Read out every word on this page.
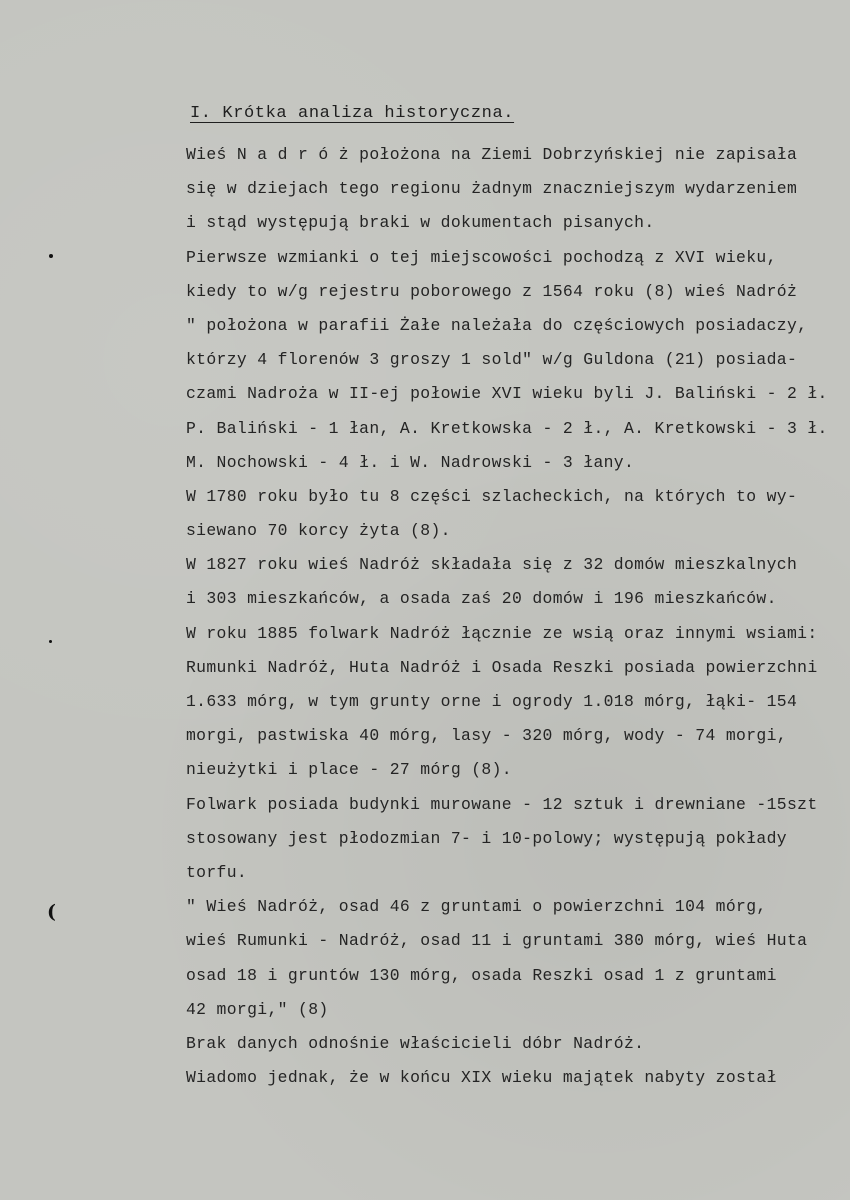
I. Krótka analiza historyczna.
Wieś N a d r ó ż położona na Ziemi Dobrzyńskiej nie zapisała
się w dziejach tego regionu żadnym znaczniejszym wydarzeniem
i stąd występują braki w dokumentach pisanych.
Pierwsze wzmianki o tej miejscowości pochodzą z XVI wieku,
kiedy to w/g rejestru poborowego z 1564 roku (8) wieś Nadróż
" położona w parafii Żałe należała do częściowych posiadaczy,
którzy 4 florenów 3 groszy 1 sold" w/g Guldona (21) posiada-
czami Nadroża w II-ej połowie XVI wieku byli J. Baliński - 2 ł.
P. Baliński - 1 łan, A. Kretkowska - 2 ł., A. Kretkowski - 3 ł.
M. Nochowski - 4 ł. i W. Nadrowski - 3 łany.
W 1780 roku było tu 8 części szlacheckich, na których to wy-
siewano 70 korcy żyta (8).
W 1827 roku wieś Nadróż składała się z 32 domów mieszkalnych
i 303 mieszkańców, a osada zaś 20 domów i 196 mieszkańców.
W roku 1885 folwark Nadróż łącznie ze wsią oraz innymi wsiami:
Rumunki Nadróż, Huta Nadróż i Osada Reszki posiada powierzchni
1.633 mórg, w tym grunty orne i ogrody 1.018 mórg, łąki- 154
morgi, pastwiska 40 mórg, lasy - 320 mórg, wody - 74 morgi,
nieużytki i place - 27 mórg (8).
Folwark posiada budynki murowane - 12 sztuk i drewniane -15szt
stosowany jest płodozmian 7- i 10-polowy; występują pokłady
torfu.
" Wieś Nadróż, osad 46 z gruntami o powierzchni 104 mórg,
wieś Rumunki - Nadróż, osad 11 i gruntami 380 mórg, wieś Huta
osad 18 i gruntów 130 mórg, osada Reszki osad 1 z gruntami
42 morgi," (8)
Brak danych odnośnie właścicieli dóbr Nadróż.
Wiadomo jednak, że w końcu XIX wieku majątek nabyty został
(
